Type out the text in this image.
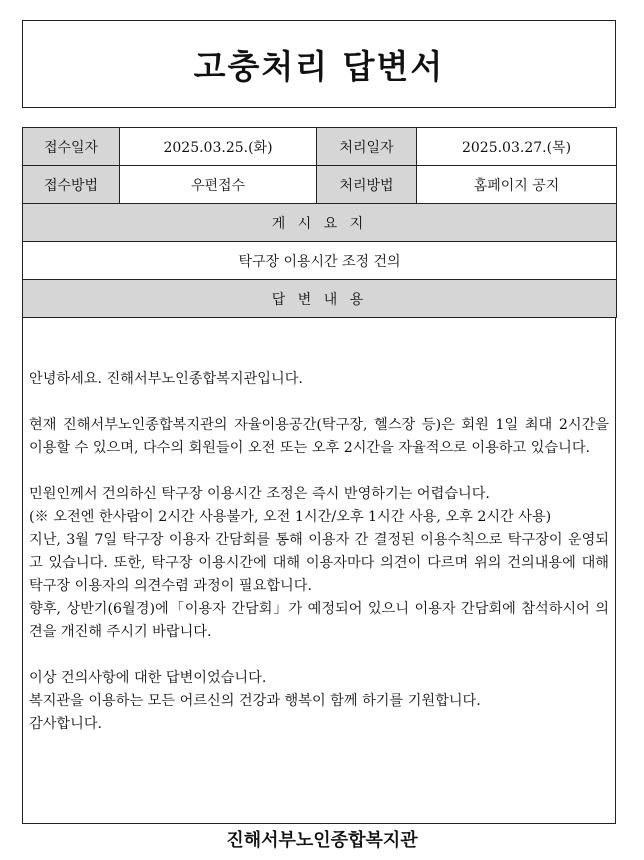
고충처리 답변서
접수일자	2025.03.25.(화)	처리일자	2025.03.27.(목)
접수방법	우편접수	처리방법	홈페이지 공지
게 시 요 지			
탁구장 이용시간 조정 건의			
답 변 내 용			

안녕하세요. 진해서부노인종합복지관입니다.

현재 진해서부노인종합복지관의 자율이용공간(탁구장, 헬스장 등)은 회원 1일 최대 2시간을 이용할 수 있으며, 다수의 회원들이 오전 또는 오후 2시간을 자율적으로 이용하고 있습니다.

민원인께서 건의하신 탁구장 이용시간 조정은 즉시 반영하기는 어렵습니다.

(※ 오전엔 한사람이 2시간 사용불가, 오전 1시간/오후 1시간 사용, 오후 2시간 사용)

지난, 3월 7일 탁구장 이용자 간담회를 통해 이용자 간 결정된 이용수칙으로 탁구장이 운영되고 있습니다. 또한, 탁구장 이용시간에 대해 이용자마다 의견이 다르며 위의 건의내용에 대해 탁구장 이용자의 의견수렴 과정이 필요합니다.

향후, 상반기(6월경)에「이용자 간담회」가 예정되어 있으니 이용자 간담회에 참석하시어 의견을 개진해 주시기 바랍니다.

이상 건의사항에 대한 답변이었습니다.

복지관을 이용하는 모든 어르신의 건강과 행복이 함께 하기를 기원합니다.

감사합니다.

진해서부노인종합복지관
